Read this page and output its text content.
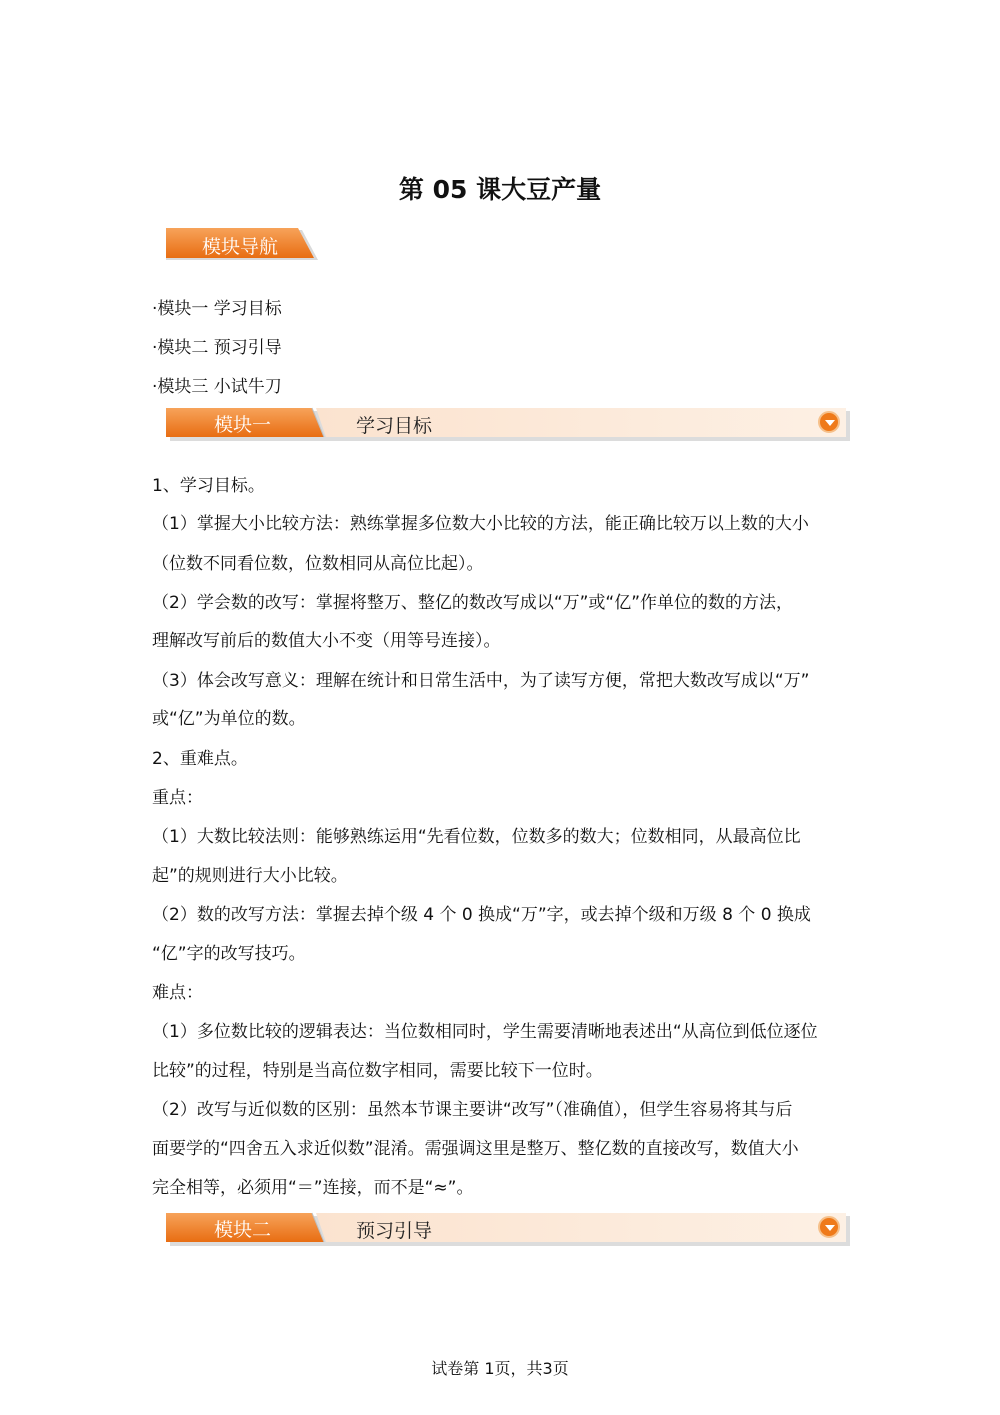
第 05 课大豆产量
模块导航
·模块一 学习目标
·模块二 预习引导
·模块三 小试牛刀
模块一	学习目标
1、学习目标。
（1）掌握大小比较方法：熟练掌握多位数大小比较的方法，能正确比较万以上数的大小
（位数不同看位数，位数相同从高位比起）。
（2）学会数的改写：掌握将整万、整亿的数改写成以“万”或“亿”作单位的数的方法，
理解改写前后的数值大小不变（用等号连接）。
（3）体会改写意义：理解在统计和日常生活中，为了读写方便，常把大数改写成以“万”
或“亿”为单位的数。
2、重难点。
重点：
（1）大数比较法则：能够熟练运用“先看位数，位数多的数大；位数相同，从最高位比
起”的规则进行大小比较。
（2）数的改写方法：掌握去掉个级 4 个 0 换成“万”字，或去掉个级和万级 8 个 0 换成
“亿”字的改写技巧。
难点：
（1）多位数比较的逻辑表达：当位数相同时，学生需要清晰地表述出“从高位到低位逐位
比较”的过程，特别是当高位数字相同，需要比较下一位时。
（2）改写与近似数的区别：虽然本节课主要讲“改写”（准确值），但学生容易将其与后
面要学的“四舍五入求近似数”混淆。需强调这里是整万、整亿数的直接改写，数值大小
完全相等，必须用“＝”连接，而不是“≈”。
模块二	预习引导
试卷第 1页，共3页
